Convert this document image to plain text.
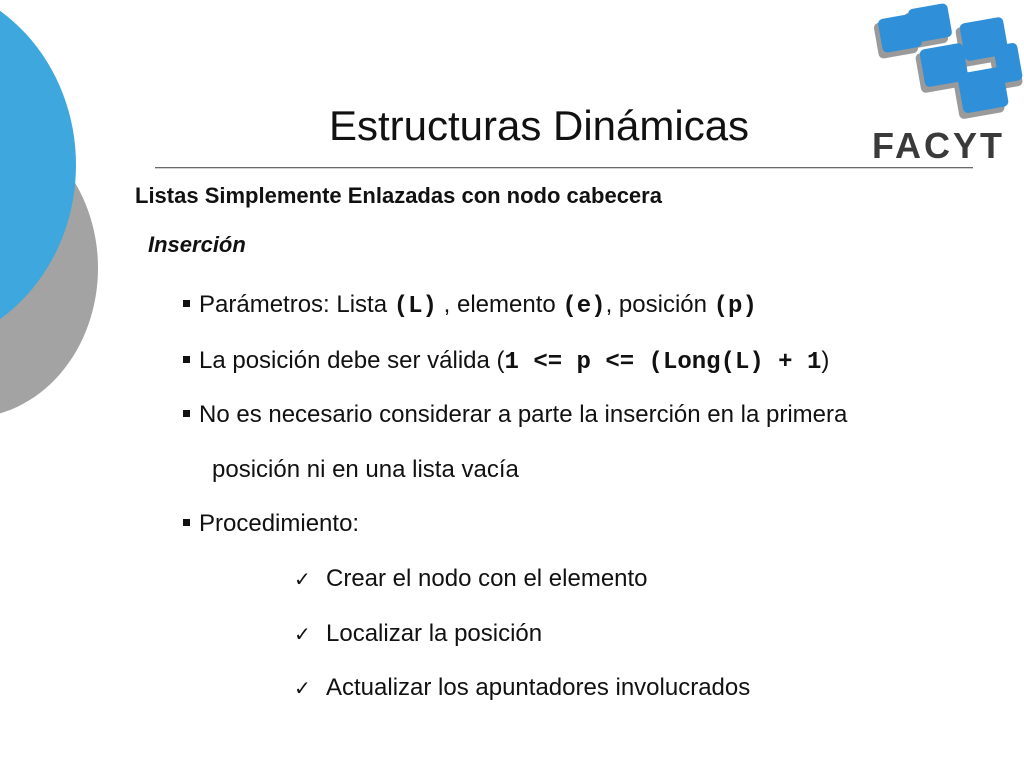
FACYT
Estructuras Dinámicas
Listas Simplemente Enlazadas con nodo cabecera
Inserción
Parámetros: Lista (L) , elemento (e), posición (p)
La posición debe ser válida (1 <= p <= (Long(L) + 1)
No es necesario considerar a parte la inserción en la primera
posición ni en una lista vacía
Procedimiento:
✓ Crear el nodo con el elemento
✓ Localizar la posición
✓ Actualizar los apuntadores involucrados
